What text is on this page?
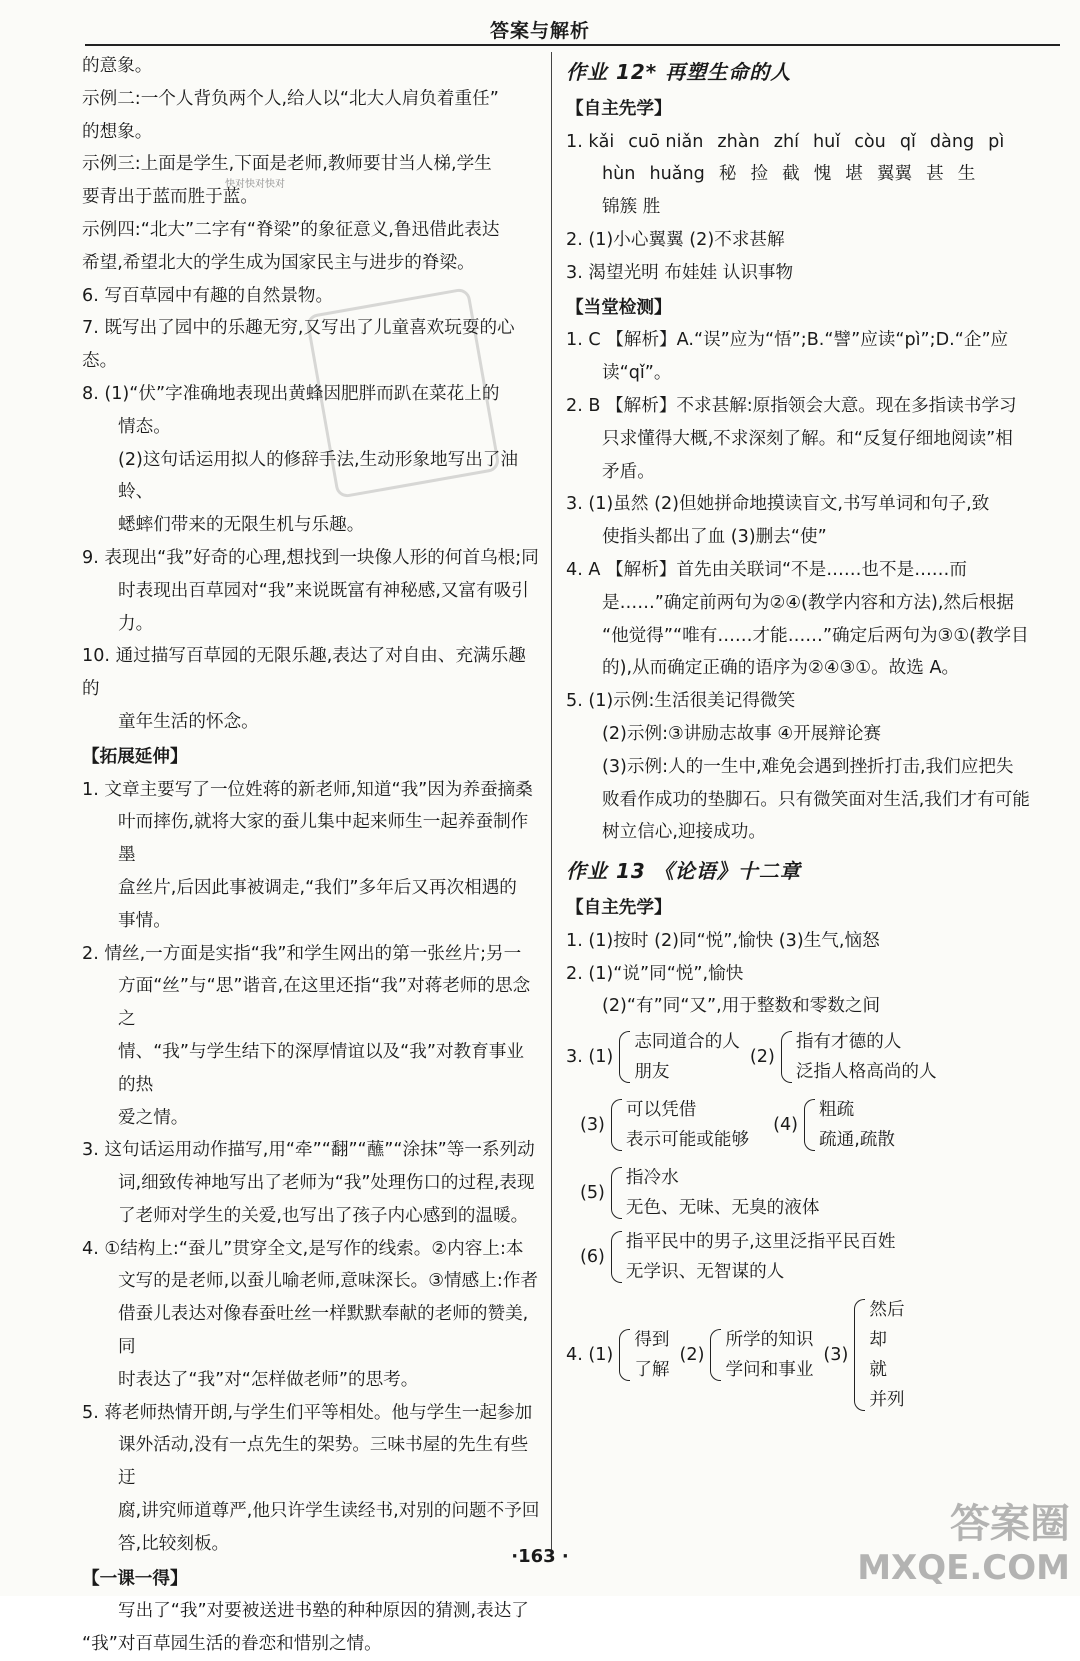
答案与解析
快对快对快对

的意象。

示例二:一个人背负两个人,给人以“北大人肩负着重任”

的想象。

示例三:上面是学生,下面是老师,教师要甘当人梯,学生

要青出于蓝而胜于蓝。

示例四:“北大”二字有“脊梁”的象征意义,鲁迅借此表达

希望,希望北大的学生成为国家民主与进步的脊梁。

6. 写百草园中有趣的自然景物。

7. 既写出了园中的乐趣无穷,又写出了儿童喜欢玩耍的心态。

8. (1)“伏”字准确地表现出黄蜂因肥胖而趴在菜花上的

情态。

(2)这句话运用拟人的修辞手法,生动形象地写出了油蛉、

蟋蟀们带来的无限生机与乐趣。

9. 表现出“我”好奇的心理,想找到一块像人形的何首乌根;同

时表现出百草园对“我”来说既富有神秘感,又富有吸引力。

10. 通过描写百草园的无限乐趣,表达了对自由、充满乐趣的

童年生活的怀念。

【拓展延伸】

1. 文章主要写了一位姓蒋的新老师,知道“我”因为养蚕摘桑

叶而摔伤,就将大家的蚕儿集中起来师生一起养蚕制作墨

盒丝片,后因此事被调走,“我们”多年后又再次相遇的

事情。

2. 情丝,一方面是实指“我”和学生网出的第一张丝片;另一

方面“丝”与“思”谐音,在这里还指“我”对蒋老师的思念之

情、“我”与学生结下的深厚情谊以及“我”对教育事业的热

爱之情。

3. 这句话运用动作描写,用“牵”“翻”“蘸”“涂抹”等一系列动

词,细致传神地写出了老师为“我”处理伤口的过程,表现

了老师对学生的关爱,也写出了孩子内心感到的温暖。

4. ①结构上:“蚕儿”贯穿全文,是写作的线索。②内容上:本

文写的是老师,以蚕儿喻老师,意味深长。③情感上:作者

借蚕儿表达对像春蚕吐丝一样默默奉献的老师的赞美,同

时表达了“我”对“怎样做老师”的思考。

5. 蒋老师热情开朗,与学生们平等相处。他与学生一起参加

课外活动,没有一点先生的架势。三味书屋的先生有些迂

腐,讲究师道尊严,他只许学生读经书,对别的问题不予回

答,比较刻板。

【一课一得】

写出了“我”对要被送进书塾的种种原因的猜测,表达了

“我”对百草园生活的眷恋和惜别之情。

作业 12* 再塑生命的人

【自主先学】

1. kǎi cuō niǎn zhàn zhí huǐ còu qǐ dàng pì

hùn huǎng 秘 捡 截 愧 堪 翼翼 甚 生

锦簇 胜

2. (1)小心翼翼 (2)不求甚解

3. 渴望光明 布娃娃 认识事物

【当堂检测】

1. C 【解析】A.“误”应为“悟”;B.“譬”应读“pì”;D.“企”应

读“qǐ”。

2. B 【解析】不求甚解:原指领会大意。现在多指读书学习

只求懂得大概,不求深刻了解。和“反复仔细地阅读”相

矛盾。

3. (1)虽然 (2)但她拼命地摸读盲文,书写单词和句子,致

使指头都出了血 (3)删去“使”

4. A 【解析】首先由关联词“不是……也不是……而

是……”确定前两句为②④(教学内容和方法),然后根据

“他觉得”“唯有……才能……”确定后两句为③①(教学目

的),从而确定正确的语序为②④③①。故选 A。

5. (1)示例:生活很美记得微笑

(2)示例:③讲励志故事 ④开展辩论赛

(3)示例:人的一生中,难免会遇到挫折打击,我们应把失

败看作成功的垫脚石。只有微笑面对生活,我们才有可能

树立信心,迎接成功。

作业 13 《论语》十二章

【自主先学】

1. (1)按时 (2)同“悦”,愉快 (3)生气,恼怒

2. (1)“说”同“悦”,愉快

(2)“有”同“又”,用于整数和零数之间

3. (1)
志同道合的人
朋友
(2)
指有才德的人
泛指人格高尚的人
(3)
可以凭借
表示可能或能够
(4)
粗疏
疏通,疏散
(5)
指冷水
无色、无味、无臭的液体
(6)
指平民中的男子,这里泛指平民百姓
无学识、无智谋的人
4. (1)
得到
了解
(2)
所学的知识
学问和事业
(3)
然后
却
就
并列
·163 ·
答案圈
MXQE.COM
